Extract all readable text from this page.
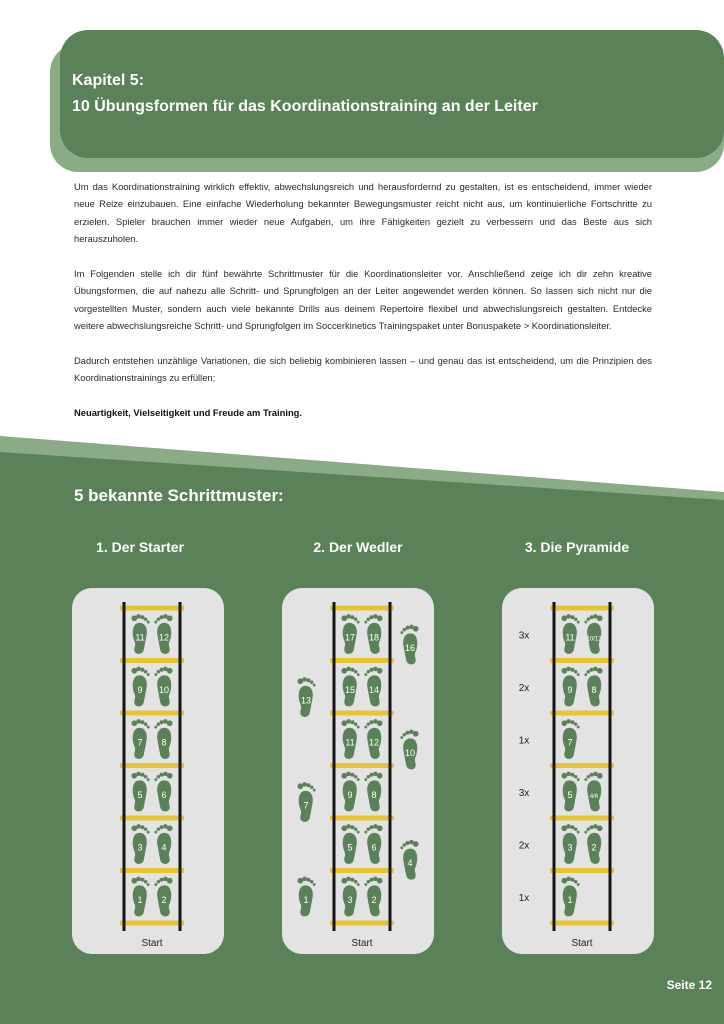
Kapitel 5:
10 Übungsformen für das Koordinationstraining an der Leiter

Um das Koordinationstraining wirklich effektiv, abwechslungsreich und herausfordernd zu gestalten, ist es entscheidend, immer wieder neue Reize einzubauen. Eine einfache Wiederholung bekannter Bewegungsmuster reicht nicht aus, um kontinuierliche Fortschritte zu erzielen. Spieler brauchen immer wieder neue Aufgaben, um ihre Fähigkeiten gezielt zu verbessern und das Beste aus sich herauszuholen.

Im Folgenden stelle ich dir fünf bewährte Schrittmuster für die Koordinationsleiter vor. Anschließend zeige ich dir zehn kreative Übungsformen, die auf nahezu alle Schritt- und Sprungfolgen an der Leiter angewendet werden können. So lassen sich nicht nur die vorgestellten Muster, sondern auch viele bekannte Drills aus deinem Repertoire flexibel und abwechslungsreich gestalten. Entdecke weitere abwechslungsreiche Schritt- und Sprungfolgen im Soccerkinetics Trainingspaket unter Bonuspakete > Koordinationsleiter.

Dadurch entstehen unzählige Variationen, die sich beliebig kombinieren lassen – und genau das ist entscheidend, um die Prinzipien des Koordinationstrainings zu erfüllen:

Neuartigkeit, Vielseitigkeit und Freude am Training.

5 bekannte Schrittmuster:
1. Der Starter	2. Der Wedler	3. Die Pyramide
1 2
3 4
5 6
7 8
9 10
11 12
Start
1	2
3
4
5 6
7
8
9
10
11 12
13
14
15
16
17 18
Start
1
3 2
5	4/6
7
9 8
11 10/12
1x
2x
3x
1x
2x
3x
Start
Seite 12
